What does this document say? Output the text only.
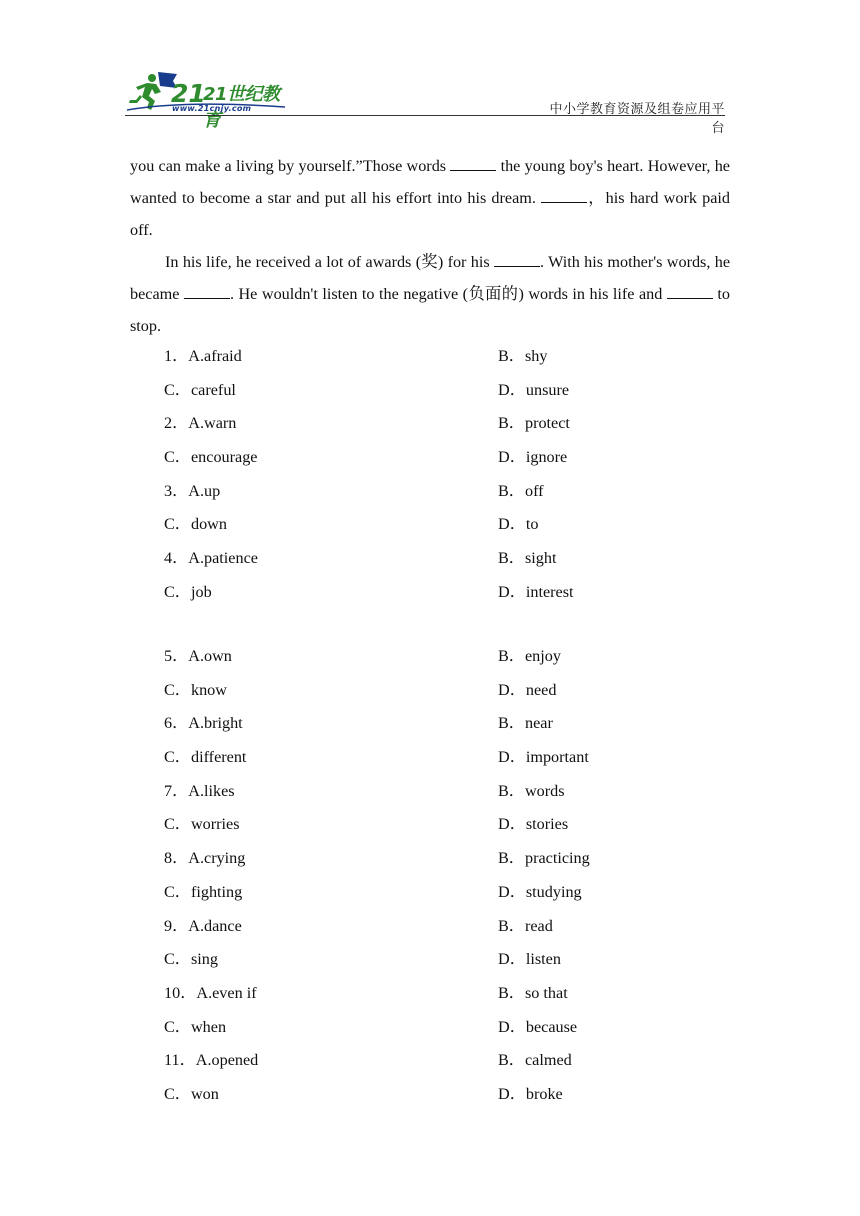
21
21世纪教育
www.21cnjy.com	中小学教育资源及组卷应用平台

you can make a living by yourself.”Those words	the young boy's heart. However, he wanted to become a star and put all his effort into his dream.	，his hard work paid off.

In his life, he received a lot of awards (奖) for his	. With his mother's words, he became	. He wouldn't listen to the negative (负面的) words in his life and	to stop.

1．A.afraid	B．shy
C．careful	D．unsure
2．A.warn	B．protect
C．encourage	D．ignore
3．A.up	B．off
C．down	D．to
4．A.patience	B．sight
C．job	D．interest
5．A.own	B．enjoy
C．know	D．need
6．A.bright	B．near
C．different	D．important
7．A.likes	B．words
C．worries	D．stories
8．A.crying	B．practicing
C．fighting	D．studying
9．A.dance	B．read
C．sing	D．listen
10．A.even if	B．so that
C．when	D．because
11．A.opened	B．calmed
C．won	D．broke
